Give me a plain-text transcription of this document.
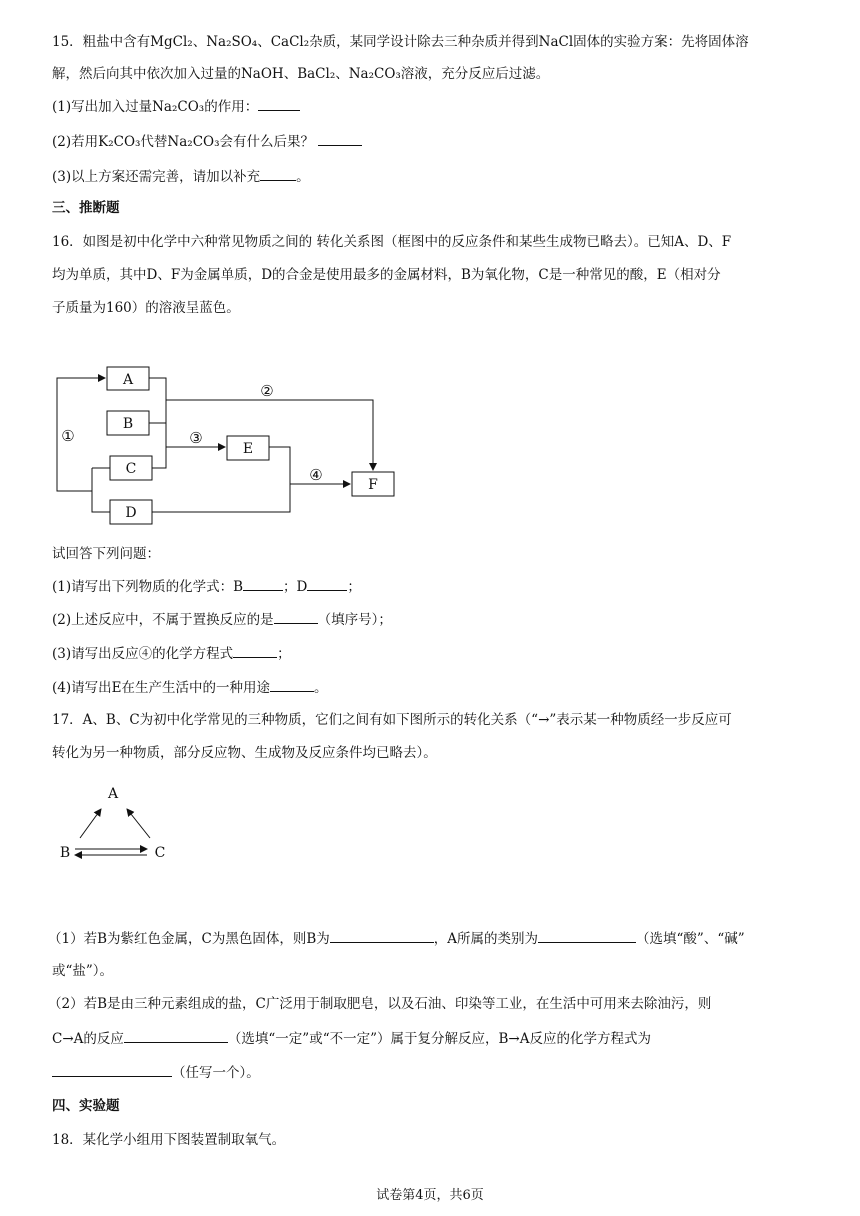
15．粗盐中含有MgCl₂、Na₂SO₄、CaCl₂杂质，某同学设计除去三种杂质并得到NaCl固体的实验方案：先将固体溶
解，然后向其中依次加入过量的NaOH、BaCl₂、Na₂CO₃溶液，充分反应后过滤。
(1)写出加入过量Na₂CO₃的作用：
(2)若用K₂CO₃代替Na₂CO₃会有什么后果？
(3)以上方案还需完善，请加以补充	。
三、推断题
16．如图是初中化学中六种常见物质之间的 转化关系图（框图中的反应条件和某些生成物已略去）。已知A、D、F
均为单质，其中D、F为金属单质，D的合金是使用最多的金属材料，B为氧化物，C是一种常见的酸，E（相对分
子质量为160）的溶液呈蓝色。
A
B
C
D
E
F
①
②
③
④
A
B	C
试回答下列问题：
(1)请写出下列物质的化学式：B	；D	；
(2)上述反应中，不属于置换反应的是	（填序号）；
(3)请写出反应④的化学方程式	；
(4)请写出E在生产生活中的一种用途	。
17．A、B、C为初中化学常见的三种物质，它们之间有如下图所示的转化关系（“→”表示某一种物质经一步反应可
转化为另一种物质，部分反应物、生成物及反应条件均已略去）。
（1）若B为紫红色金属，C为黑色固体，则B为	，A所属的类别为	（选填“酸”、“碱”
或“盐”）。
（2）若B是由三种元素组成的盐，C广泛用于制取肥皂，以及石油、印染等工业，在生活中可用来去除油污，则
C→A的反应	（选填“一定”或“不一定”）属于复分解反应，B→A反应的化学方程式为
（任写一个）。
四、实验题
18．某化学小组用下图装置制取氧气。
试卷第4页，共6页
